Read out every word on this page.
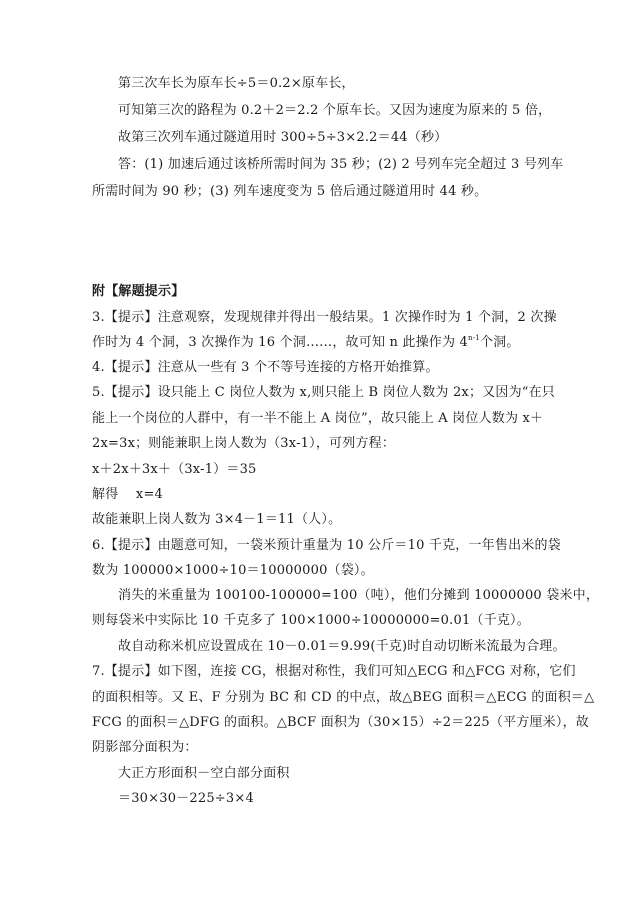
第三次车长为原车长÷5＝0.2×原车长，
可知第三次的路程为 0.2＋2＝2.2 个原车长。又因为速度为原来的 5 倍，
故第三次列车通过隧道用时 300÷5÷3×2.2＝44（秒）
答：(1) 加速后通过该桥所需时间为 35 秒；(2) 2 号列车完全超过 3 号列车
所需时间为 90 秒；(3) 列车速度变为 5 倍后通过隧道用时 44 秒。
附【解题提示】
3.【提示】注意观察，发现规律并得出一般结果。1 次操作时为 1 个洞，2 次操
作时为 4 个洞，3 次操作为 16 个洞……，故可知 n 此操作为 4$^{n-1}$个洞。
4.【提示】注意从一些有 3 个不等号连接的方格开始推算。
5.【提示】设只能上 C 岗位人数为 x,则只能上 B 岗位人数为 2x；又因为“在只
能上一个岗位的人群中，有一半不能上 A 岗位”，故只能上 A 岗位人数为 x＋
2x=3x；则能兼职上岗人数为（3x-1），可列方程：
x＋2x＋3x＋（3x-1）＝35
解得　 x=4
故能兼职上岗人数为 3×4－1＝11（人）。
6.【提示】由题意可知，一袋米预计重量为 10 公斤＝10 千克，一年售出米的袋
数为 100000×1000÷10＝10000000（袋）。
消失的米重量为 100100-100000=100（吨），他们分摊到 10000000 袋米中，
则每袋米中实际比 10 千克多了 100×1000÷10000000=0.01（千克）。
故自动称米机应设置成在 10－0.01＝9.99(千克)时自动切断米流最为合理。
7.【提示】如下图，连接 CG，根据对称性，我们可知△ECG 和△FCG 对称，它们
的面积相等。又 E、F 分别为 BC 和 CD 的中点，故△BEG 面积＝△ECG 的面积＝△
FCG 的面积＝△DFG 的面积。△BCF 面积为（30×15）÷2＝225（平方厘米），故
阴影部分面积为：
大正方形面积－空白部分面积
＝30×30－225÷3×4
